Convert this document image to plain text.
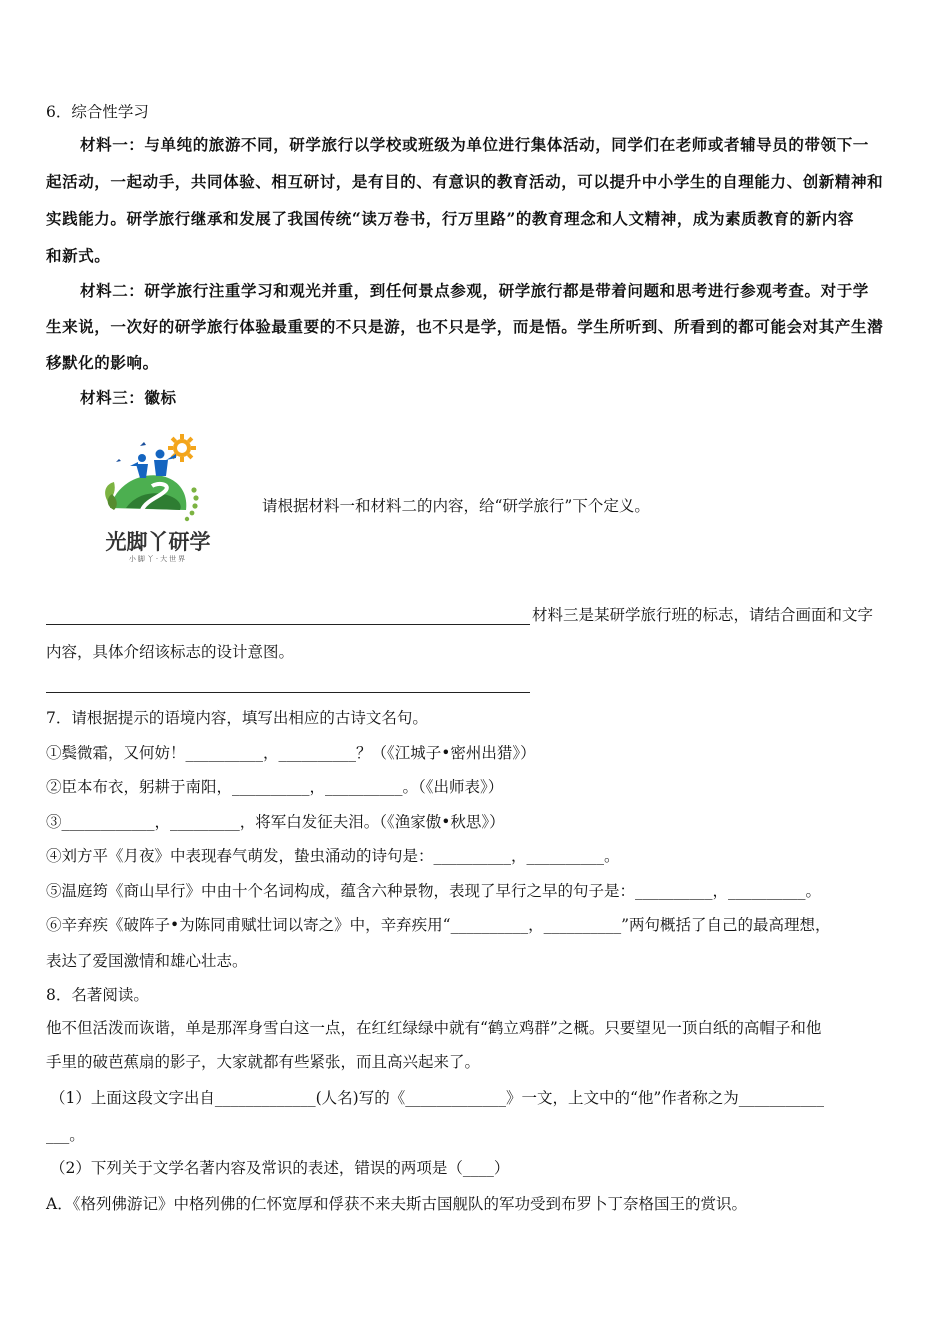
6．综合性学习
材料一：与单纯的旅游不同，研学旅行以学校或班级为单位进行集体活动，同学们在老师或者辅导员的带领下一
起活动，一起动手，共同体验、相互研讨，是有目的、有意识的教育活动，可以提升中小学生的自理能力、创新精神和
实践能力。研学旅行继承和发展了我国传统“读万卷书，行万里路”的教育理念和人文精神，成为素质教育的新内容
和新式。
材料二：研学旅行注重学习和观光并重，到任何景点参观，研学旅行都是带着问题和思考进行参观考查。对于学
生来说，一次好的研学旅行体验最重要的不只是游，也不只是学，而是悟。学生所听到、所看到的都可能会对其产生潜
移默化的影响。
材料三：徽标
光脚丫研学
小脚丫·大世界
请根据材料一和材料二的内容，给“研学旅行”下个定义。
材料三是某研学旅行班的标志，请结合画面和文字
内容，具体介绍该标志的设计意图。
7．请根据提示的语境内容，填写出相应的古诗文名句。
①鬓微霜，又何妨！__________，__________？（《江城子•密州出猎》）
②臣本布衣，躬耕于南阳，__________，__________。（《出师表》）
③____________，_________，将军白发征夫泪。（《渔家傲•秋思》）
④刘方平《月夜》中表现春气萌发，蛰虫涌动的诗句是：__________，__________。
⑤温庭筠《商山早行》中由十个名词构成，蕴含六种景物，表现了早行之早的句子是：__________，__________。
⑥辛弃疾《破阵子•为陈同甫赋壮词以寄之》中，辛弃疾用“__________，__________”两句概括了自己的最高理想，
表达了爱国激情和雄心壮志。
8．名著阅读。
他不但活泼而诙谐，单是那浑身雪白这一点，在红红绿绿中就有“鹤立鸡群”之概。只要望见一顶白纸的高帽子和他
手里的破芭蕉扇的影子，大家就都有些紧张，而且高兴起来了。
（1）上面这段文字出自_____________(人名)写的《_____________》一文，上文中的“他”作者称之为___________
___。
（2）下列关于文学名著内容及常识的表述，错误的两项是（____）
A．《格列佛游记》中格列佛的仁怀宽厚和俘获不来夫斯古国舰队的军功受到布罗卜丁奈格国王的赏识。
